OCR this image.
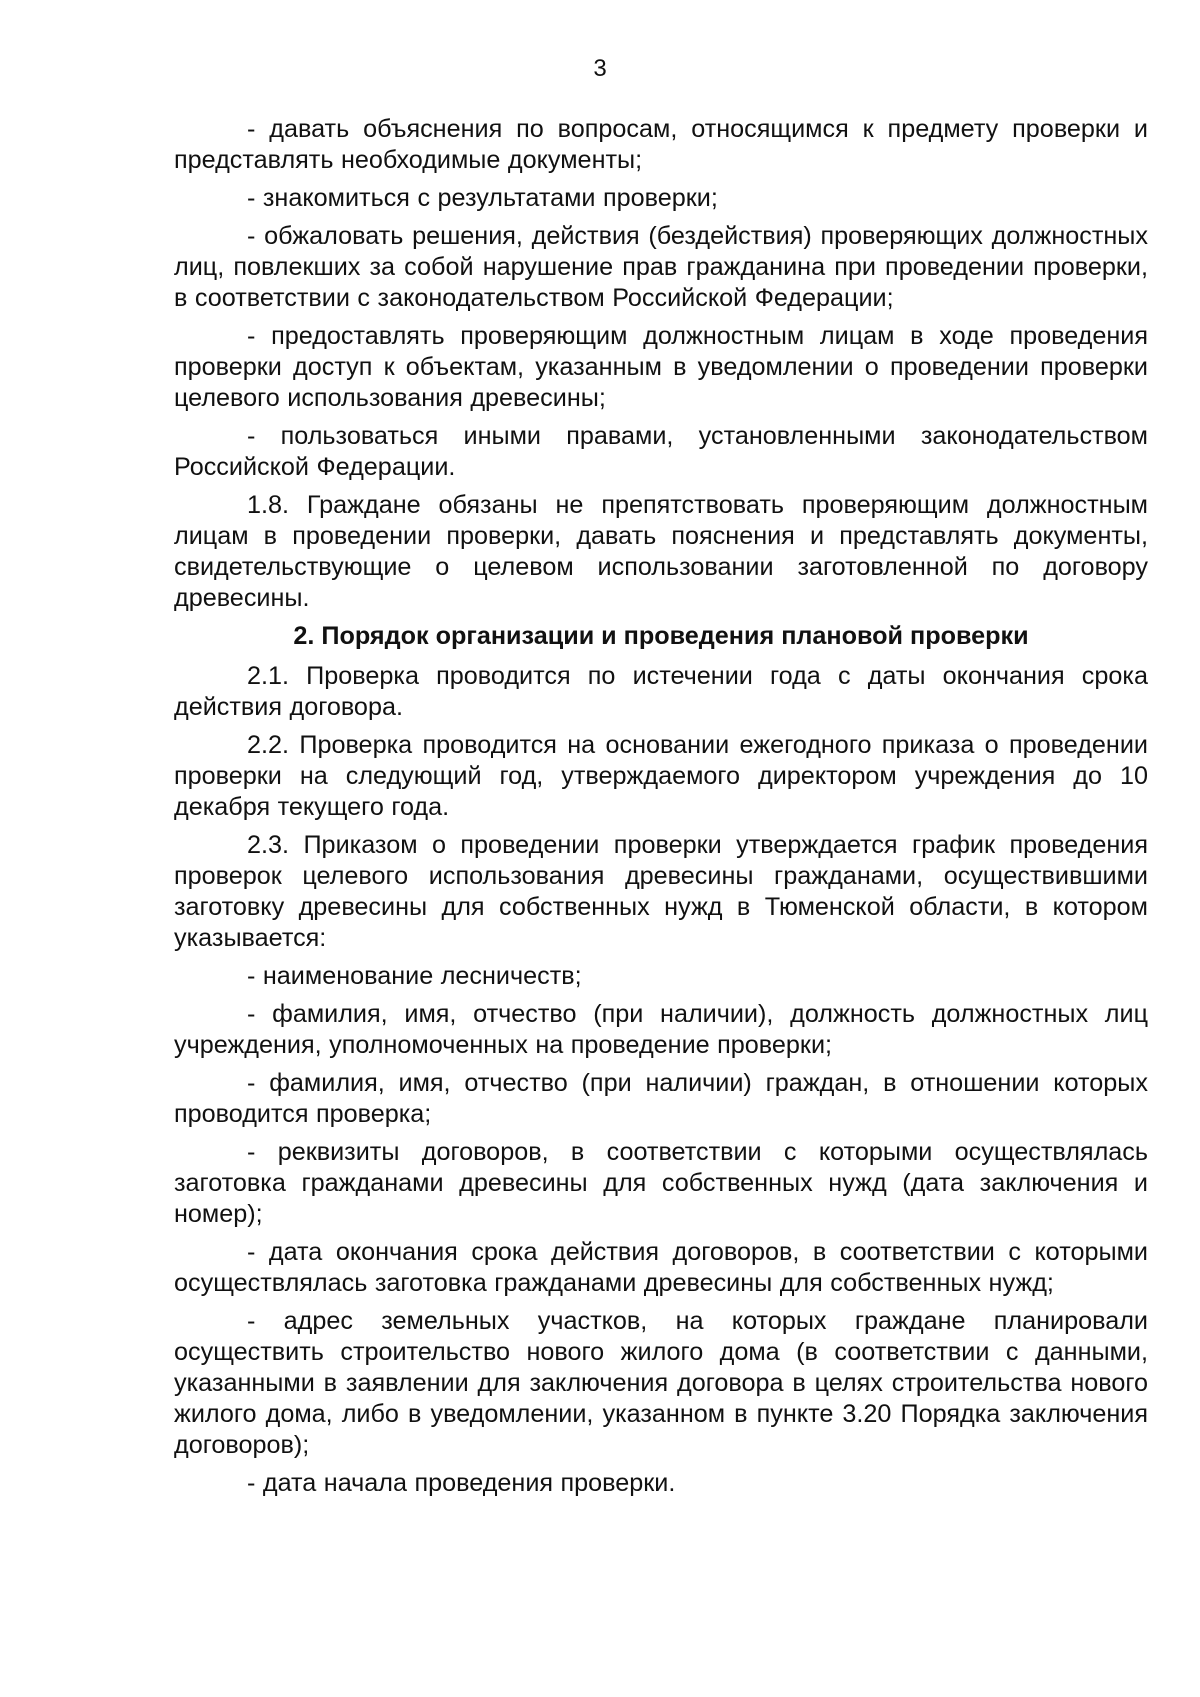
3

- давать объяснения по вопросам, относящимся к предмету проверки и представлять необходимые документы;

- знакомиться с результатами проверки;

- обжаловать решения, действия (бездействия) проверяющих должностных лиц, повлекших за собой нарушение прав гражданина при проведении проверки, в соответствии с законодательством Российской Федерации;

- предоставлять проверяющим должностным лицам в ходе проведения проверки доступ к объектам, указанным в уведомлении о проведении проверки целевого использования древесины;

- пользоваться иными правами, установленными законодательством Российской Федерации.

1.8. Граждане обязаны не препятствовать проверяющим должностным лицам в проведении проверки, давать пояснения и представлять документы, свидетельствующие о целевом использовании заготовленной по договору древесины.

2. Порядок организации и проведения плановой проверки

2.1. Проверка проводится по истечении года с даты окончания срока действия договора.

2.2. Проверка проводится на основании ежегодного приказа о проведении проверки на следующий год, утверждаемого директором учреждения до 10 декабря текущего года.

2.3. Приказом о проведении проверки утверждается график проведения проверок целевого использования древесины гражданами, осуществившими заготовку древесины для собственных нужд в Тюменской области, в котором указывается:

- наименование лесничеств;

- фамилия, имя, отчество (при наличии), должность должностных лиц учреждения, уполномоченных на проведение проверки;

- фамилия, имя, отчество (при наличии) граждан, в отношении которых проводится проверка;

- реквизиты договоров, в соответствии с которыми осуществлялась заготовка гражданами древесины для собственных нужд (дата заключения и номер);

- дата окончания срока действия договоров, в соответствии с которыми осуществлялась заготовка гражданами древесины для собственных нужд;

- адрес земельных участков, на которых граждане планировали осуществить строительство нового жилого дома (в соответствии с данными, указанными в заявлении для заключения договора в целях строительства нового жилого дома, либо в уведомлении, указанном в пункте 3.20 Порядка заключения договоров);

- дата начала проведения проверки.
